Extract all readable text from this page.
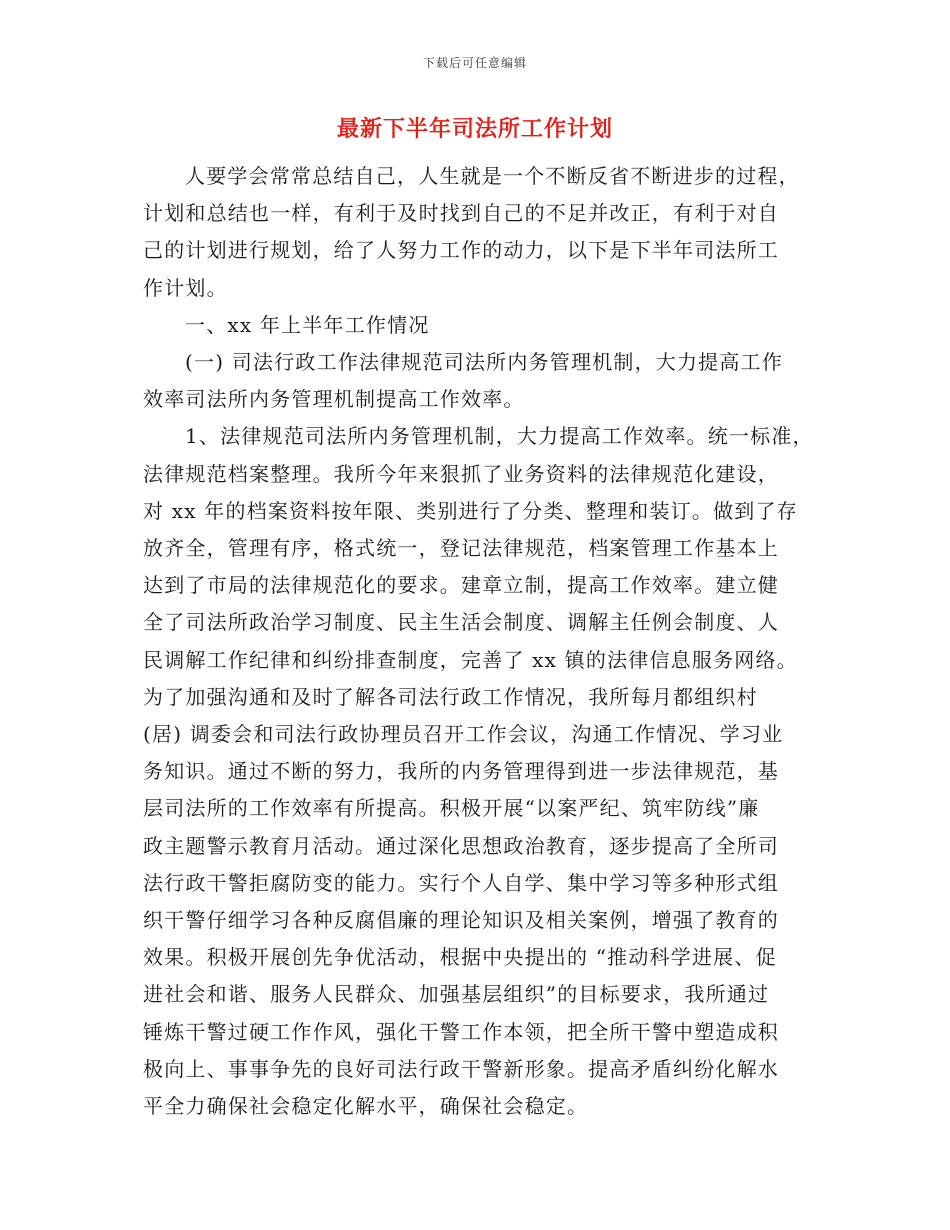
下载后可任意编辑
最新下半年司法所工作计划
人要学会常常总结自己，人生就是一个不断反省不断进步的过程，
计划和总结也一样，有利于及时找到自己的不足并改正，有利于对自
己的计划进行规划，给了人努力工作的动力，以下是下半年司法所工
作计划。
一、xx 年上半年工作情况
(一) 司法行政工作法律规范司法所内务管理机制，大力提高工作
效率司法所内务管理机制提高工作效率。
1、法律规范司法所内务管理机制，大力提高工作效率。统一标准，
法律规范档案整理。我所今年来狠抓了业务资料的法律规范化建设，
对 xx 年的档案资料按年限、类别进行了分类、整理和装订。做到了存
放齐全，管理有序，格式统一，登记法律规范，档案管理工作基本上
达到了市局的法律规范化的要求。建章立制，提高工作效率。建立健
全了司法所政治学习制度、民主生活会制度、调解主任例会制度、人
民调解工作纪律和纠纷排查制度，完善了 xx 镇的法律信息服务网络。
为了加强沟通和及时了解各司法行政工作情况，我所每月都组织村
(居) 调委会和司法行政协理员召开工作会议，沟通工作情况、学习业
务知识。通过不断的努力，我所的内务管理得到进一步法律规范，基
层司法所的工作效率有所提高。积极开展“以案严纪、筑牢防线”廉
政主题警示教育月活动。通过深化思想政治教育，逐步提高了全所司
法行政干警拒腐防变的能力。实行个人自学、集中学习等多种形式组
织干警仔细学习各种反腐倡廉的理论知识及相关案例，增强了教育的
效果。积极开展创先争优活动，根据中央提出的 “推动科学进展、促
进社会和谐、服务人民群众、加强基层组织”的目标要求，我所通过
锤炼干警过硬工作作风，强化干警工作本领，把全所干警中塑造成积
极向上、事事争先的良好司法行政干警新形象。提高矛盾纠纷化解水
平全力确保社会稳定化解水平，确保社会稳定。
